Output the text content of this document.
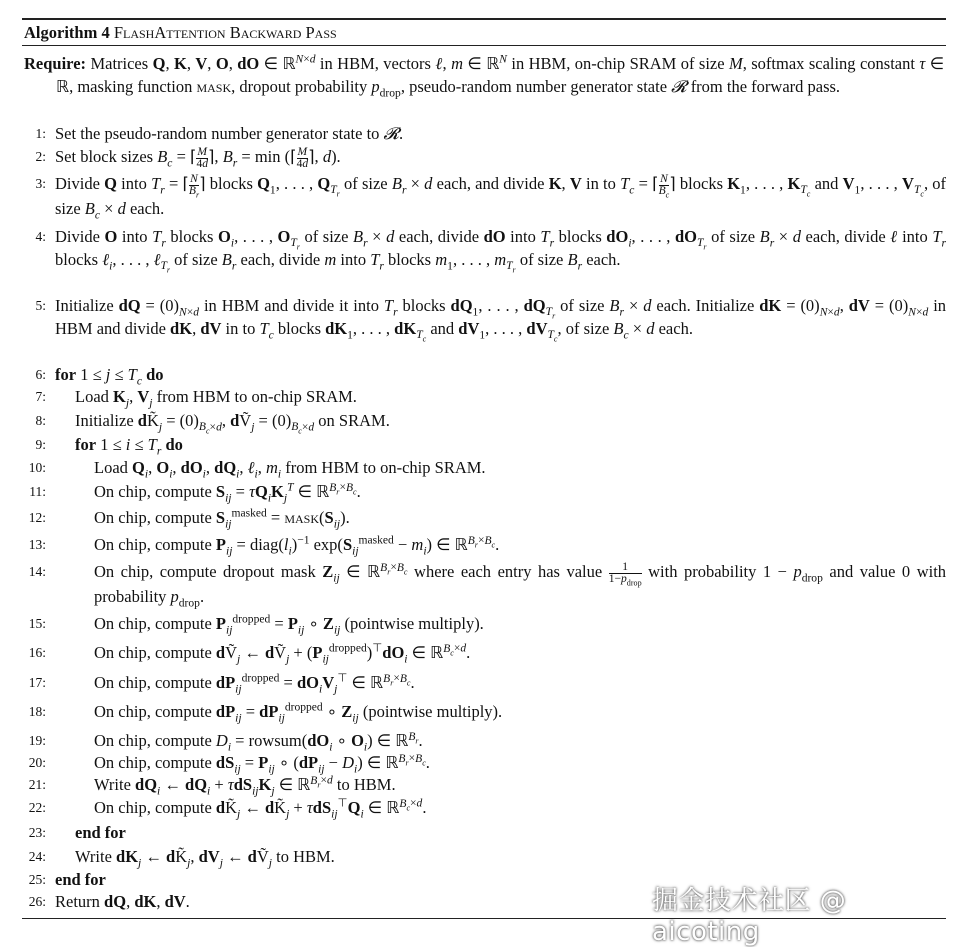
Algorithm 4 FlashAttention Backward Pass
Require: Matrices Q, K, V, O, dO ∈ ℝ$^{N\times d}$ in HBM, vectors ℓ, m ∈ ℝ$^N$ in HBM, on-chip SRAM of size M, softmax scaling constant τ ∈ ℝ, masking function mask, dropout probability $p_{drop}$, pseudo-random number generator state 𝓡 from the forward pass.
1: Set the pseudo-random number generator state to 𝓡.
2: Set block sizes $B_c$ = ⌈ $\frac{M}{4d}$ ⌉, $B_r = \min$ (⌈ $\frac{M}{4d}$ ⌉, d).
3: Divide Q into $T_r$ = ⌈ $\frac{N}{B_r}$ ⌉ blocks $Q_1$, . . . , $Q_{T_r}$ of size $B_r \times d$ each, and divide K, V in to $T_c$ = ⌈ $\frac{N}{B_c}$ ⌉ blocks $K_1$, . . . , $K_{T_c}$ and $V_1$, . . . , $V_{T_c}$, of size $B_c \times d$ each.
4: Divide O into $T_r$ blocks $O_i$, . . . , $O_{T_r}$ of size $B_r \times d$ each, divide dO into $T_r$ blocks $dO_i$, . . . , $dO_{T_r}$ of size $B_r \times d$ each, divide ℓ into $T_r$ blocks ℓ$_i$, . . . , ℓ$_{T_r}$ of size $B_r$ each, divide m into $T_r$ blocks $m_1$, . . . , $m_{T_r}$ of size $B_r$ each.
5: Initialize dQ = $(0)_{N\times d}$ in HBM and divide it into $T_r$ blocks $dQ_1$, . . . , $dQ_{T_r}$ of size $B_r \times d$ each. Initialize dK = $(0)_{N\times d}$, dV = $(0)_{N\times d}$ in HBM and divide dK, dV in to $T_c$ blocks $dK_1$, . . . , $dK_{T_c}$ and $dV_1$, . . . , $dV_{T_c}$, of size $B_c \times d$ each.
6: for $1 \le j \le T_c$ do
7: Load $K_j$, $V_j$ from HBM to on-chip SRAM.
8: Initialize $dK̃_j = (0)_{B_c\times d}$, dṼ$_j$ = $(0)_{B_c\times d}$ on SRAM.
9: for $1 \le i \le T_r$ do
10:	Load $Q_i$, $O_i$, $dO_i$, $dQ_i$, ℓ$_i$, $m_i$ from HBM to on-chip SRAM.
11:	On chip, compute $S_{ij} = \tau Q_iK_j^T$ ∈ ℝ$^{B_r\times B_c}$.
12:	On chip, compute $S_{ij}^{masked}$ = $mask(S_{ij})$.
13:	On chip, compute $P_{ij}$ = $diag(l_i)^{-1}$ $\exp(S_{ij}^{masked} - m_i)$ ∈ ℝ$^{B_r\times B_c}$.
14:	On chip, compute dropout mask $Z_{ij}$ ∈ ℝ$^{B_r\times B_c}$ where each entry has value $\frac{1}{1-p_{drop}}$ with probability $1 - p_{drop}$ and value 0 with probability $p_{drop}$.
15:	On chip, compute $P_{ij}^{dropped} = P_{ij}$ ∘ $Z_{ij}$ (pointwise multiply).
16:	On chip, compute dṼ$_j$ ← dṼ$_j$ + $(P_{ij}^{dropped})^⊤dO_i$ ∈ ℝ$^{B_c\times d}$.
17:	On chip, compute $dP_{ij}^{dropped} = dO_iV_j^⊤$ ∈ ℝ$^{B_r\times B_c}$.
18:	On chip, compute $dP_{ij} = dP_{ij}^{dropped}$ ∘ $Z_{ij}$ (pointwise multiply).
19:	On chip, compute $D_i$ = $rowsum(dO_i$ ∘ $O_i$) ∈ ℝ$^{B_r}$.
20:	On chip, compute $dS_{ij} = P_{ij}$ ∘ $(dP_{ij} - D_i)$ ∈ ℝ$^{B_r\times B_c}$.
21:	Write $dQ_i$ ← $dQ_i + \tau dS_{ij}K_j$ ∈ ℝ$^{B_r\times d}$ to HBM.
22:	On chip, compute $dK̃_j$ ← $dK̃_j + \tau dS_{ij}^⊤Q_i$ ∈ ℝ$^{B_c\times d}$.
23: end for
24: Write $dK_j$ ← $dK̃_j$, $dV_j$ ← dṼ$_j$ to HBM.
25: end for
26: Return dQ, dK, dV.	掘金技术社区 @ aicoting
